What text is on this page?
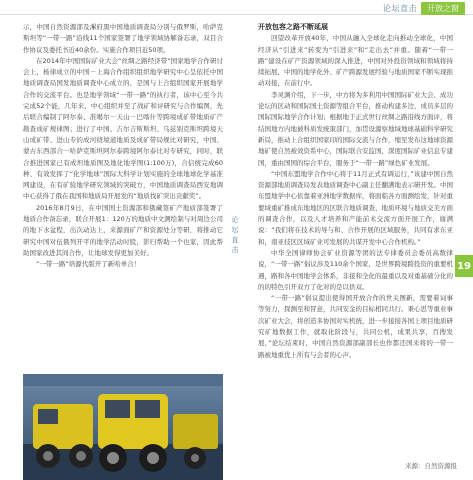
论坛直击	开放之窗

示，中国自然资源部及漯府黑中国地质调查局分别与俄罗斯，哈萨克斯坦等“一带一路”沿线11个国家签署了地学领域协解备忘录，双目合作协议及委托书近40余份。实施合作项目近50项。

在2014年中国国际矿业大会“丝绸之路经济带”国家地学合作研讨会上，杨律成立的中国－上海合作组织组织地学研究中心呈依托中国地质调查局国发地质调查中心成立的，是国与上合组织国家开展地学合作的交流平台。也是地学领域“一带一路”的执行者，该中心至今共完成52个能，几年来，中心组织并至了战矿和评研究与合作编图，先后联合编制了阿尔泰、准噶尔－天山－巴喀什等跨境成矿带地质矿产勘查成矿规律图；进行了中国、吉尔吉斯斯坦、乌兹别克斯坦跨境天山成矿带、进山专的成河绕境道地质及成矿带局规比对研究，中国、蒙古东西部合一哈萨克斯坦阿尔泰跨境阿尔泰比对专研究，同时，联合推进国家已有成坦地质图及地化地学图(1:100万)，合信统完成60种、有效发挥了“化学地球”国际大科学计划实施的全球地球化学基准网建设，在有矿验地学研究领域的突破方，中国地质调查局西安地调中心获得了俄在我国和地质局开展发的“地质找矿突出贡献奖”。

2016年8月9日，在中国国土资源部和俄藏签矿产地质部签署了地质合作备忘录，联合开展1：120万的地质中文测绘制与对周边公司的地下水盆程，出次动达上，来源面矿产和资源处分等研，将推动它研究中国对伍俄列开平的地学活动时股，影归帮助一个也家，因此帮助国家改进其间合作，让地球发得更加美好。

“一带一路”培源代版开了新哈单合！

论
坛
直
击

开放包容之路不断延展

回望改革开放40年，中国从融入全球化走向推动全球化，中国经济从“引进来”转变为“引进来”和“走出去”并重。随着“一带一路”建设在矿产资源领域的深入推进，中国对外投资领域和领域将持续拓展，中国的地学化外、矿产跨源发展经验与地质国家不断实现推动对接，在前行中。

李灵渊介绍，下一步，中方将为多利用中国国际矿业大会、成功论坛的区动和国际国土资源等组合平台，推动构建多边，成员多层的国际国际地学合作计划；根据地于正式世行丝绸之路沿线方面评，将结国地方内地被科质发统策部门，加贯设源察地域地球基础科学研究新局，推动上合组织国家印的国际交流与合作，缩至发布这地球资源地矿使自然被效资系中心，国际联合安监国，深度国际矿业信息专建国，重由国国的综合平台，服务于“一带一路”绿色矿业发展。

“中国东盟地学合作中心将于11月正式有调运行，”该建中国自然资源部地质调查局发表地质调查中心副主任翻满地表示研开发。中国东盟地学中心依靠着亚洲地学数据库，将面临各方面测绘发，针对重要域重矿推成东地地区的区联合地质调查、地质环境与地质交美方面的调查合作，以及人才培养和产能前术交流方面开展工作，谢满说：“我们将在技术的导与和、合作开展的区域服务，共同有求东亚和，南亚技区区域矿业可发展的共谋开发中心合作机构。”

中华全国律师协会矿业资源等团的法专律委员会委员高数律说，“一带一路”倡议涉及110余个国家，是世界跨境跨投资的重要机遇，路和各中国地学会体系，非接和全化的最重以及对重基础分化的的的特色引开双方了化对的是以供双。

“一带一路”倡议提出使得国开放合作的世关图新，需要着词事等努力，探测至和冒意，共同安金的目标相同共行。秉心思等重业事次矿业大会，将创造多协国对实机统，进一步接接各国上项目地质研究矿地数据工作，就取化阶段与，共同公机，成果共享，百搜发展，”论坛结束时，中国自然资源部副部长也作都还国来将的一带一路被地重优上所有与会者的心声。

19
来源：自然资源报
